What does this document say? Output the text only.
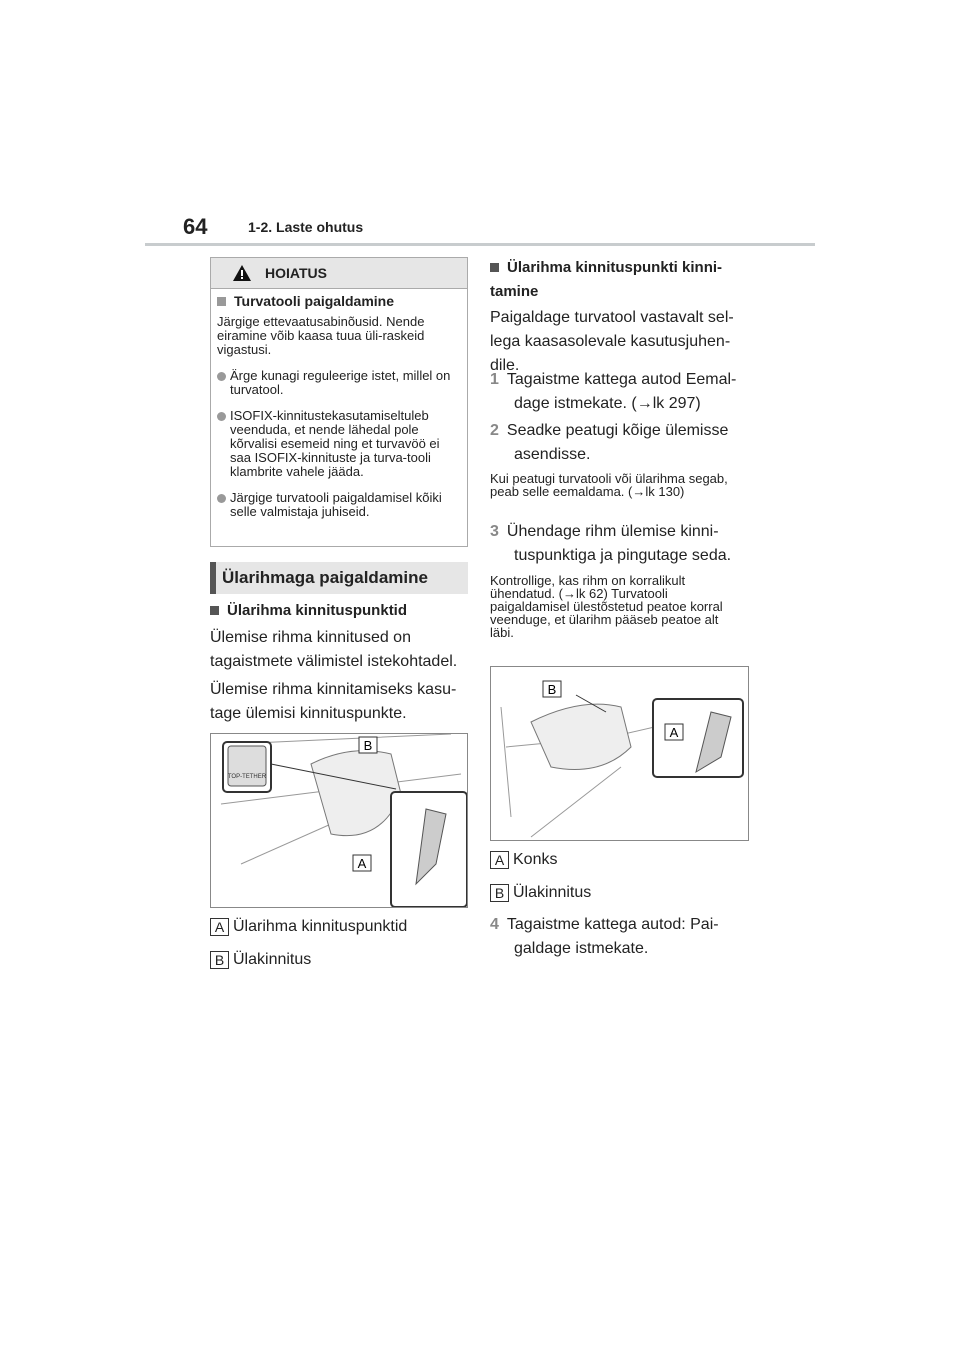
64	1-2. Laste ohutus
HOIATUS
Turvatooli paigaldamine
Järgige ettevaatusabinõusid. Nende eiramine võib kaasa tuua üli-raskeid vigastusi.
Ärge kunagi reguleerige istet, millel on turvatool.
ISOFIX-kinnitustekasutamiseltuleb veenduda, et nende lähedal pole kõrvalisi esemeid ning et turvavöö ei saa ISOFIX-kinnituste ja turva-tooli klambrite vahele jääda.
Järgige turvatooli paigaldamisel kõiki selle valmistaja juhiseid.
Ülarihmaga paigaldamine
Ülarihma kinnituspunktid
Ülemise rihma kinnitused on tagaistmete välimistel istekohtadel.
Ülemise rihma kinnitamiseks kasu-tage ülemisi kinnituspunkte.
TOP-TETHER
B
A
A Ülarihma kinnituspunktid
B Ülakinnitus
Ülarihma kinnituspunkti kinni-tamine
Paigaldage turvatool vastavalt sel-lega kaasasolevale kasutusjuhen-dile.
1 Tagaistme kattega autod Eemal-dage istmekate. (→lk 297)
2 Seadke peatugi kõige ülemisse asendisse.
Kui peatugi turvatooli või ülarihma segab, peab selle eemaldama. (→lk 130)
3 Ühendage rihm ülemise kinni-tuspunktiga ja pingutage seda.
Kontrollige, kas rihm on korralikult ühendatud. (→lk 62) Turvatooli paigaldamisel ülestõstetud peatoe korral veenduge, et ülarihm pääseb peatoe alt läbi.
B
A
A Konks
B Ülakinnitus
4 Tagaistme kattega autod: Pai-galdage istmekate.
